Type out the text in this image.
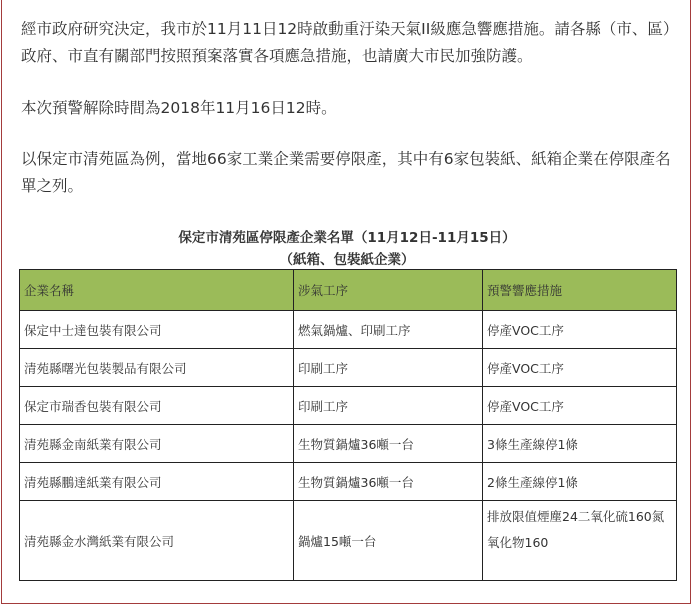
經市政府研究決定，我市於11月11日12時啟動重汙染天氣II級應急響應措施。請各縣（市、區）政府、市直有關部門按照預案落實各項應急措施，也請廣大市民加強防護。

本次預警解除時間為2018年11月16日12時。

以保定市清苑區為例，當地66家工業企業需要停限產，其中有6家包裝紙、紙箱企業在停限產名單之列。

保定市清苑區停限產企業名單（11月12日-11月15日）
（紙箱、包裝紙企業）
企業名稱	涉氣工序	預警響應措施
保定中士達包裝有限公司	燃氣鍋爐、印刷工序	停產VOC工序
清苑縣曙光包裝製品有限公司	印刷工序	停產VOC工序
保定市瑞香包裝有限公司	印刷工序	停產VOC工序
清苑縣金南紙業有限公司	生物質鍋爐36噸一台	3條生產線停1條
清苑縣鵬達紙業有限公司	生物質鍋爐36噸一台	2條生產線停1條
清苑縣金水灣紙業有限公司	鍋爐15噸一台	排放限值煙塵24二氧化硫160氮氧化物160
